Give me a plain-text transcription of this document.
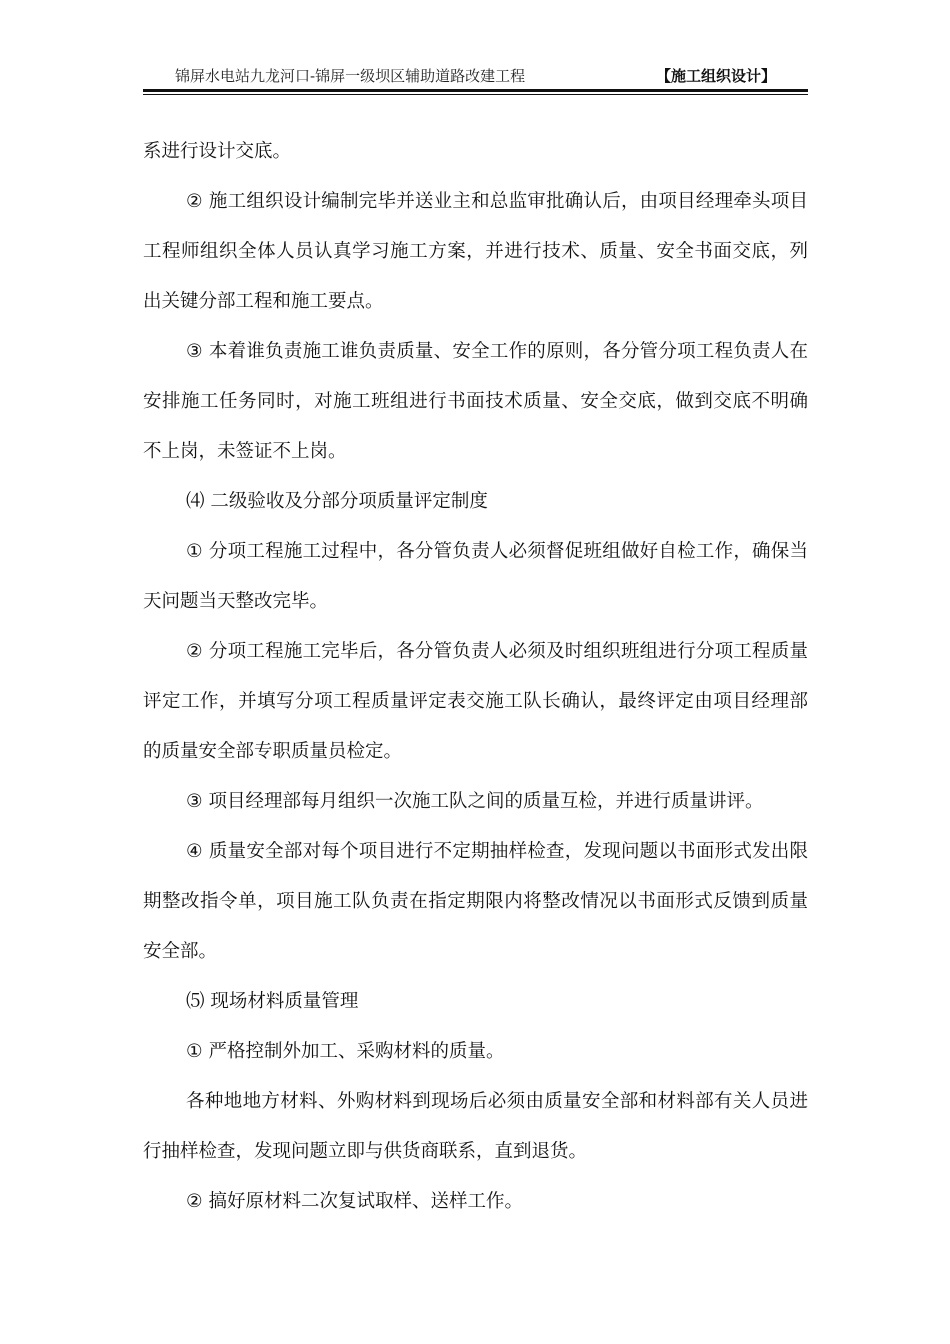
锦屏水电站九龙河口-锦屏一级坝区辅助道路改建工程	【施工组织设计】

系进行设计交底。

② 施工组织设计编制完毕并送业主和总监审批确认后，由项目经理牵头项目工程师组织全体人员认真学习施工方案，并进行技术、质量、安全书面交底，列出关键分部工程和施工要点。

③ 本着谁负责施工谁负责质量、安全工作的原则，各分管分项工程负责人在安排施工任务同时，对施工班组进行书面技术质量、安全交底，做到交底不明确不上岗，未签证不上岗。

⑷ 二级验收及分部分项质量评定制度

① 分项工程施工过程中，各分管负责人必须督促班组做好自检工作，确保当天问题当天整改完毕。

② 分项工程施工完毕后，各分管负责人必须及时组织班组进行分项工程质量评定工作，并填写分项工程质量评定表交施工队长确认，最终评定由项目经理部的质量安全部专职质量员检定。

③ 项目经理部每月组织一次施工队之间的质量互检，并进行质量讲评。

④ 质量安全部对每个项目进行不定期抽样检查，发现问题以书面形式发出限期整改指令单，项目施工队负责在指定期限内将整改情况以书面形式反馈到质量安全部。

⑸ 现场材料质量管理

① 严格控制外加工、采购材料的质量。

各种地地方材料、外购材料到现场后必须由质量安全部和材料部有关人员进行抽样检查，发现问题立即与供货商联系，直到退货。

② 搞好原材料二次复试取样、送样工作。
